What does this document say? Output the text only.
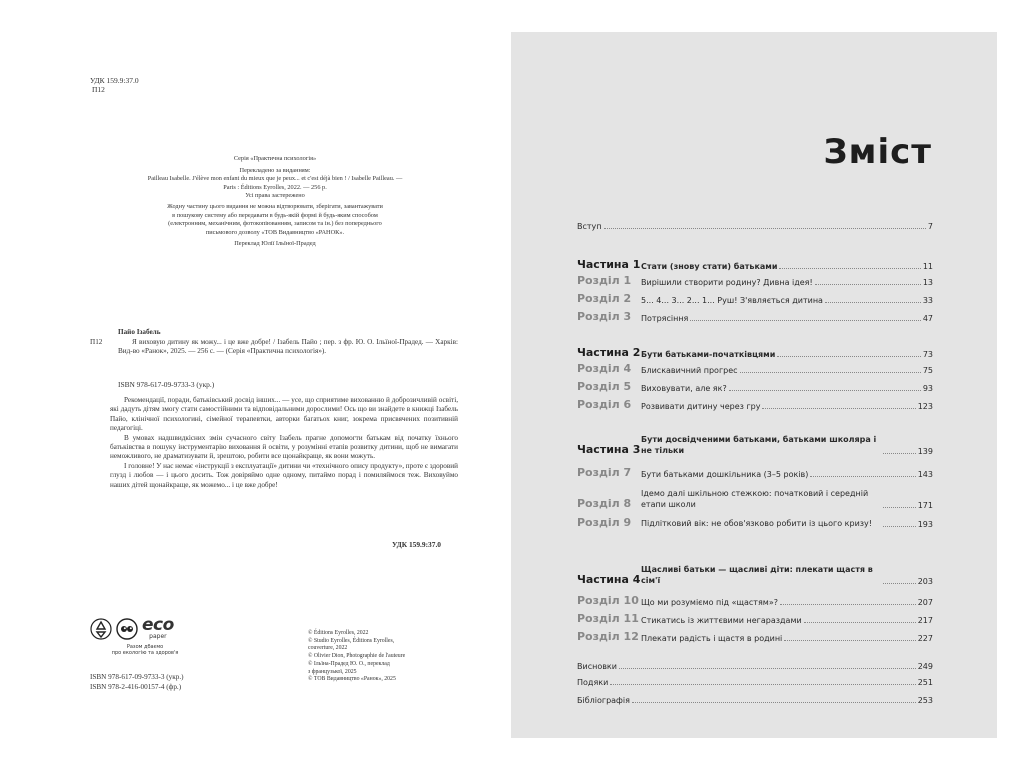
УДК 159.9:37.0
П12
Серія «Практична психологія»
Перекладено за виданням:
Pailleau Isabelle. J'élève mon enfant du mieux que je peux... et c'est déjà bien ! / Isabelle Pailleau. —
Paris : Éditions Eyrolles, 2022. — 256 p.
Усі права застережено
Жодну частину цього видання не можна відтворювати, зберігати, завантажувати
в пошукову систему або передавати в будь-якій формі й будь-яким способом
(електронним, механічним, фотокопіюванням, записом та ін.) без попереднього
письмового дозволу «ТОВ Видавництво «РАНОК».
Переклад Юлії Ільїної-Прадед
Пайо Ізабель
П12	Я виховую дитину як можу... і це вже добре! / Ізабель Пайо ; пер. з фр. Ю. О. Ільїної-Прадед. — Харків: Вид-во «Ранок», 2025. — 256 с. — (Серія «Практична психологія»).
ISBN 978-617-09-9733-3 (укр.)

Рекомендації, поради, батьківський досвід інших... — усе, що сприятиме вихованню й доброзичливій освіті, які дадуть дітям змогу стати самостійними та відповідальними дорослими! Ось що ви знайдете в книжці Ізабель Пайо, клінічної психологині, сімейної терапевтки, авторки багатьох книг, зокрема присвячених позитивній педагогіці.

В умовах надшвидкісних змін сучасного світу Ізабель прагне допомогти батькам від початку їхнього батьківства в пошуку інструментарію виховання й освіти, у розумінні етапів розвитку дитини, щоб не вимагати неможливого, не драматизувати й, зрештою, робити все щонайкраще, як вони можуть.

І головне! У нас немає «інструкції з експлуатації» дитини чи «технічного опису продукту», проте є здоровий глузд і любов — і цього досить. Тож довіряймо одне одному, питаймо порад і помиляймося теж. Виховуймо наших дітей щонайкраще, як можемо... і це вже добре!

УДК 159.9:37.0
eco
paper
Разом дбаємо
про екологію та здоров'я
ISBN 978-617-09-9733-3 (укр.)
ISBN 978-2-416-00157-4 (фр.)
© Éditions Eyrolles, 2022
© Studio Eyrolles, Éditions Eyrolles,
couverture, 2022
© Olivier Dion, Photographie de l'auteure
© Ільїна-Прадед Ю. О., переклад
з французької, 2025
© ТОВ Видавництво «Ранок», 2025
Зміст
Вступ	7
Частина 1 Стати (знову стати) батьками	11
Розділ 1	Вирішили створити родину? Дивна ідея!	13
Розділ 2	5... 4... 3... 2... 1... Руш! З'являється дитина	33
Розділ 3	Потрясіння	47
Частина 2 Бути батьками-початківцями	73
Розділ 4	Блискавичний прогрес	75
Розділ 5	Виховувати, але як?	93
Розділ 6	Розвивати дитину через гру	123
Частина 3
Бути досвідченими батьками, батьками школяра і не тільки	139
Розділ 7	Бути батьками дошкільника (3–5 років)	143
Розділ 8
Ідемо далі шкільною стежкою: початковий і середній етапи школи	171
Розділ 9	Підлітковий вік: не обов'язково робити із цього кризу!	193
Частина 4
Щасливі батьки — щасливі діти: плекати щастя в сім'ї	203
Розділ 10 Що ми розуміємо під «щастям»?	207
Розділ 11 Стикатись із життєвими негараздами	217
Розділ 12 Плекати радість і щастя в родині	227
Висновки	249
Подяки	251
Бібліографія	253
